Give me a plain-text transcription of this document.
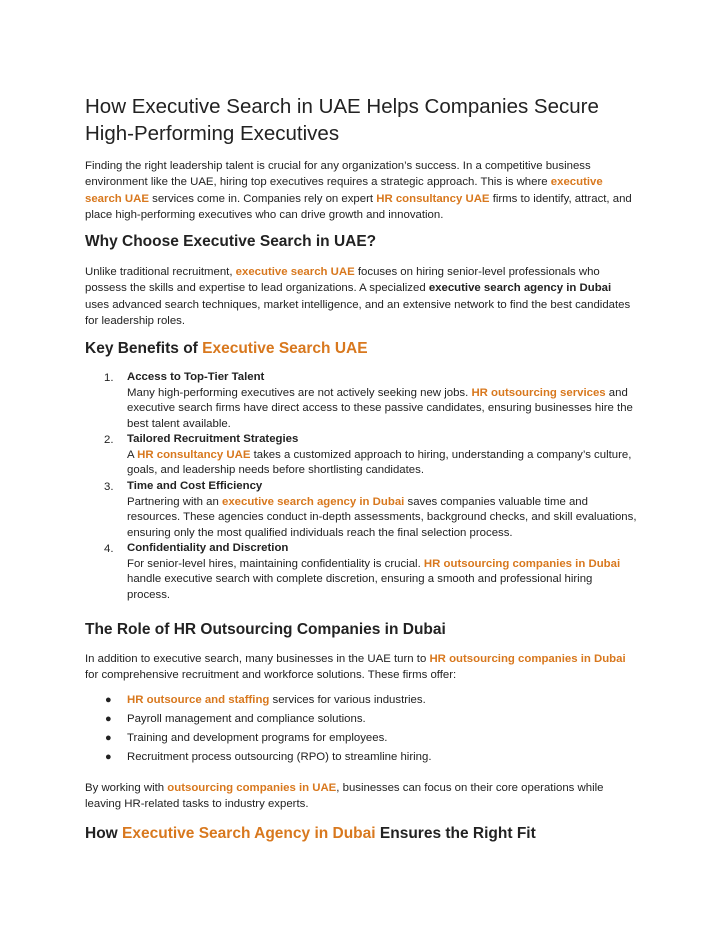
How Executive Search in UAE Helps Companies Secure High-Performing Executives

Finding the right leadership talent is crucial for any organization’s success. In a competitive business environment like the UAE, hiring top executives requires a strategic approach. This is where executive search UAE services come in. Companies rely on expert HR consultancy UAE firms to identify, attract, and place high-performing executives who can drive growth and innovation.

Why Choose Executive Search in UAE?

Unlike traditional recruitment, executive search UAE focuses on hiring senior-level professionals who possess the skills and expertise to lead organizations. A specialized executive search agency in Dubai uses advanced search techniques, market intelligence, and an extensive network to find the best candidates for leadership roles.

Key Benefits of Executive Search UAE
1.	Access to Top-Tier Talent
Many high-performing executives are not actively seeking new jobs. HR outsourcing services and executive search firms have direct access to these passive candidates, ensuring businesses hire the best talent available.
2.	Tailored Recruitment Strategies
A HR consultancy UAE takes a customized approach to hiring, understanding a company’s culture, goals, and leadership needs before shortlisting candidates.
3.	Time and Cost Efficiency
Partnering with an executive search agency in Dubai saves companies valuable time and resources. These agencies conduct in-depth assessments, background checks, and skill evaluations, ensuring only the most qualified individuals reach the final selection process.
4.	Confidentiality and Discretion
For senior-level hires, maintaining confidentiality is crucial. HR outsourcing companies in Dubai handle executive search with complete discretion, ensuring a smooth and professional hiring process.
The Role of HR Outsourcing Companies in Dubai

In addition to executive search, many businesses in the UAE turn to HR outsourcing companies in Dubai for comprehensive recruitment and workforce solutions. These firms offer:

● HR outsource and staffing services for various industries.
● Payroll management and compliance solutions.
● Training and development programs for employees.
● Recruitment process outsourcing (RPO) to streamline hiring.

By working with outsourcing companies in UAE, businesses can focus on their core operations while leaving HR-related tasks to industry experts.

How Executive Search Agency in Dubai Ensures the Right Fit
